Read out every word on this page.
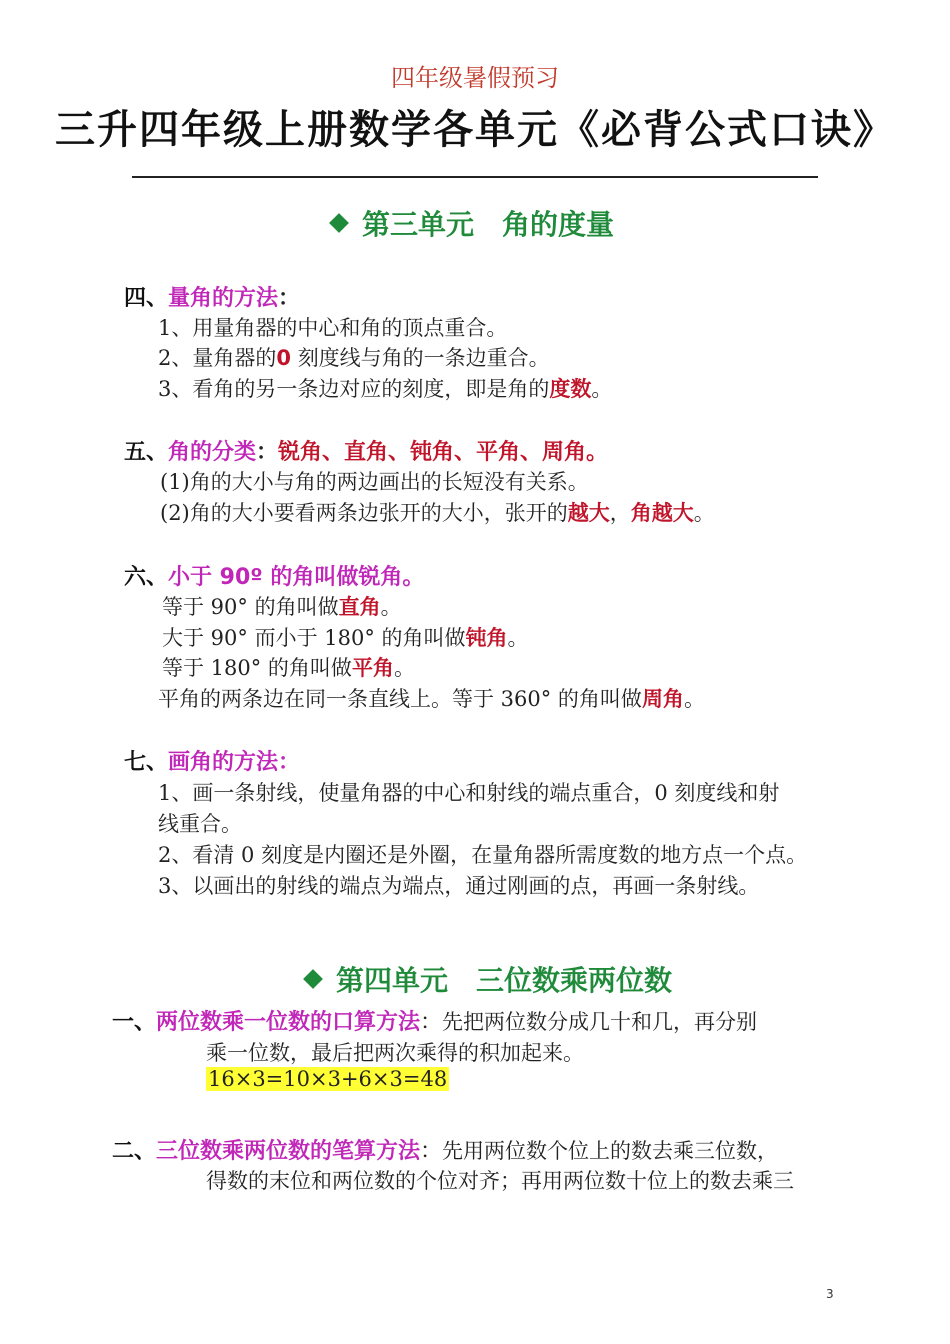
四年级暑假预习
三升四年级上册数学各单元《必背公式口诀》
第三单元 角的度量
四、量角的方法：
1、用量角器的中心和角的顶点重合。
2、量角器的0 刻度线与角的一条边重合。
3、看角的另一条边对应的刻度，即是角的度数。
五、角的分类：锐角、直角、钝角、平角、周角。
(1)角的大小与角的两边画出的长短没有关系。
(2)角的大小要看两条边张开的大小，张开的越大，角越大。
六、小于 90º 的角叫做锐角。
等于 90° 的角叫做直角。
大于 90° 而小于 180° 的角叫做钝角。
等于 180° 的角叫做平角。
平角的两条边在同一条直线上。等于 360° 的角叫做周角。
七、画角的方法：
1、画一条射线，使量角器的中心和射线的端点重合，0 刻度线和射
线重合。
2、看清 0 刻度是内圈还是外圈，在量角器所需度数的地方点一个点。
3、以画出的射线的端点为端点，通过刚画的点，再画一条射线。
第四单元 三位数乘两位数
一、两位数乘一位数的口算方法：先把两位数分成几十和几，再分别
乘一位数，最后把两次乘得的积加起来。
16×3=10×3+6×3=48
二、三位数乘两位数的笔算方法：先用两位数个位上的数去乘三位数，
得数的末位和两位数的个位对齐；再用两位数十位上的数去乘三
3
